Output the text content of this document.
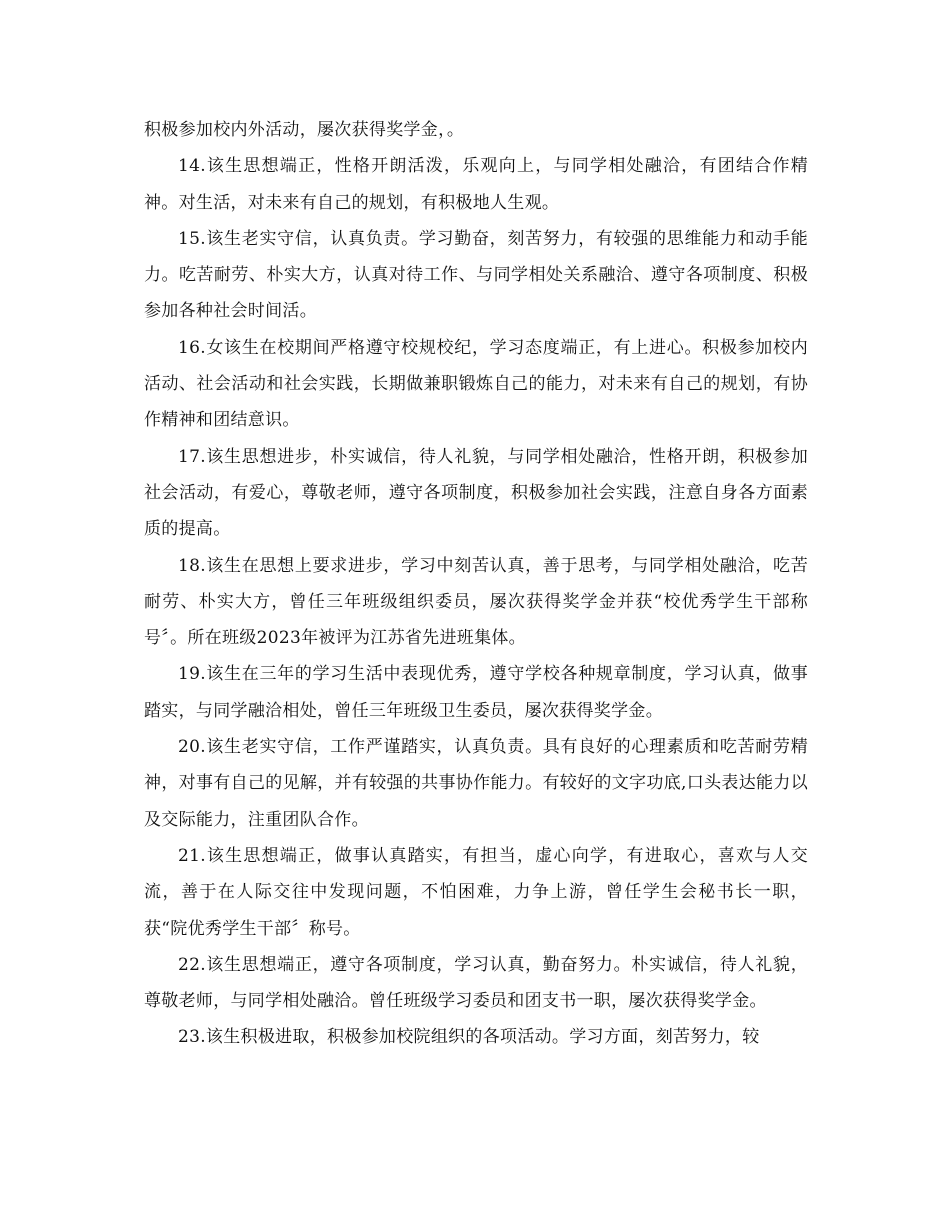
积极参加校内外活动，屡次获得奖学金，。

14.该生思想端正，性格开朗活泼，乐观向上，与同学相处融洽，有团结合作精神。对生活，对未来有自己的规划，有积极地人生观。

15.该生老实守信，认真负责。学习勤奋，刻苦努力，有较强的思维能力和动手能力。吃苦耐劳、朴实大方，认真对待工作、与同学相处关系融洽、遵守各项制度、积极参加各种社会时间活。

16.女该生在校期间严格遵守校规校纪，学习态度端正，有上进心。积极参加校内活动、社会活动和社会实践，长期做兼职锻炼自己的能力，对未来有自己的规划，有协作精神和团结意识。

17.该生思想进步，朴实诚信，待人礼貌，与同学相处融洽，性格开朗，积极参加社会活动，有爱心，尊敬老师，遵守各项制度，积极参加社会实践，注意自身各方面素质的提高。

18.该生在思想上要求进步，学习中刻苦认真，善于思考，与同学相处融洽，吃苦耐劳、朴实大方，曾任三年班级组织委员，屡次获得奖学金并获“校优秀学生干部称号〞。所在班级2023年被评为江苏省先进班集体。

19.该生在三年的学习生活中表现优秀，遵守学校各种规章制度，学习认真，做事踏实，与同学融洽相处，曾任三年班级卫生委员，屡次获得奖学金。

20.该生老实守信，工作严谨踏实，认真负责。具有良好的心理素质和吃苦耐劳精神，对事有自己的见解，并有较强的共事协作能力。有较好的文字功底,口头表达能力以及交际能力，注重团队合作。

21.该生思想端正，做事认真踏实，有担当，虚心向学，有进取心，喜欢与人交流，善于在人际交往中发现问题，不怕困难，力争上游，曾任学生会秘书长一职，获“院优秀学生干部〞称号。

22.该生思想端正，遵守各项制度，学习认真，勤奋努力。朴实诚信，待人礼貌，尊敬老师，与同学相处融洽。曾任班级学习委员和团支书一职，屡次获得奖学金。

23.该生积极进取，积极参加校院组织的各项活动。学习方面，刻苦努力，较
